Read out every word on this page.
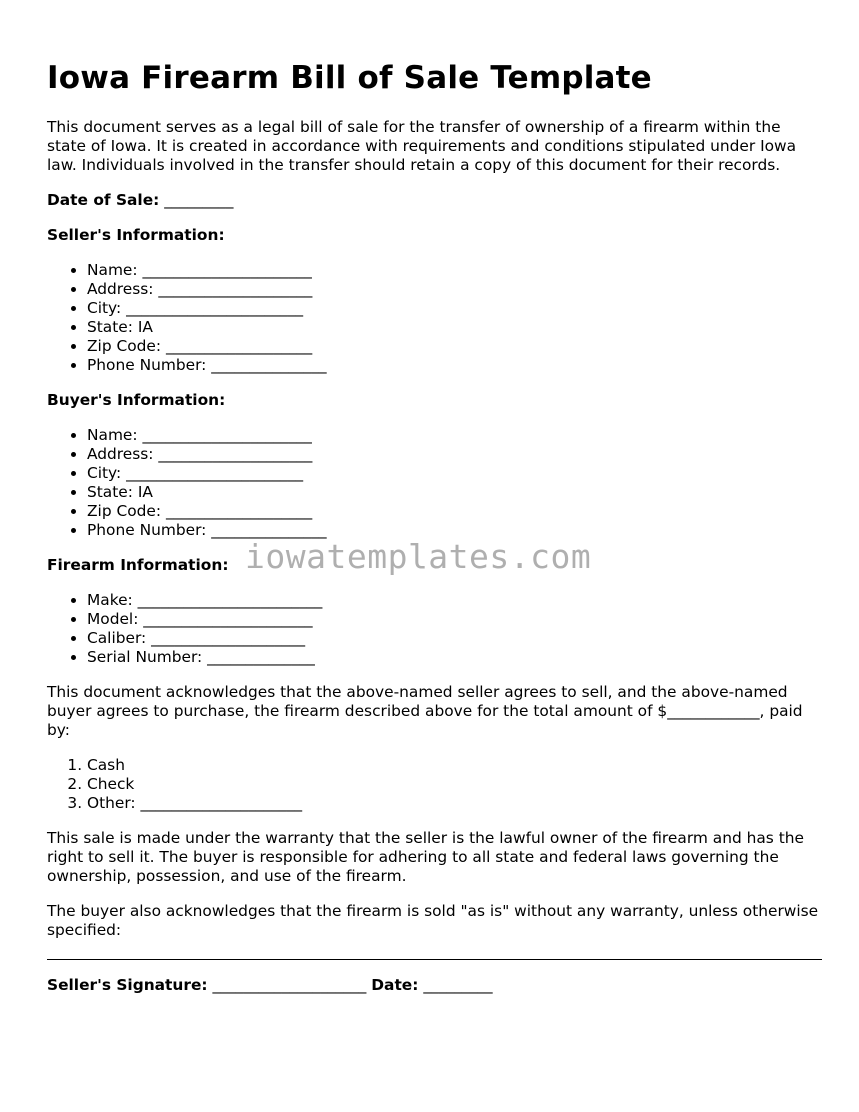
Iowa Firearm Bill of Sale Template

This document serves as a legal bill of sale for the transfer of ownership of a firearm within the state of Iowa. It is created in accordance with requirements and conditions stipulated under Iowa law. Individuals involved in the transfer should retain a copy of this document for their records.

Date of Sale: _________
Seller's Information:
• Name: ______________________
• Address: ____________________
• City: _______________________
• State: IA
• Zip Code: ___________________
• Phone Number: _______________
Buyer's Information:
• Name: ______________________
• Address: ____________________
• City: _______________________
• State: IA
• Zip Code: ___________________
• Phone Number: _______________
Firearm Information:
• Make: ________________________
• Model: ______________________
• Caliber: ____________________
• Serial Number: ______________

This document acknowledges that the above-named seller agrees to sell, and the above-named buyer agrees to purchase, the firearm described above for the total amount of $____________, paid by:

1. Cash
2. Check
3. Other: _____________________

This sale is made under the warranty that the seller is the lawful owner of the firearm and has the right to sell it. The buyer is responsible for adhering to all state and federal laws governing the ownership, possession, and use of the firearm.

The buyer also acknowledges that the firearm is sold "as is" without any warranty, unless otherwise specified:

Seller's Signature: ____________________ Date: _________
iowatemplates.com
